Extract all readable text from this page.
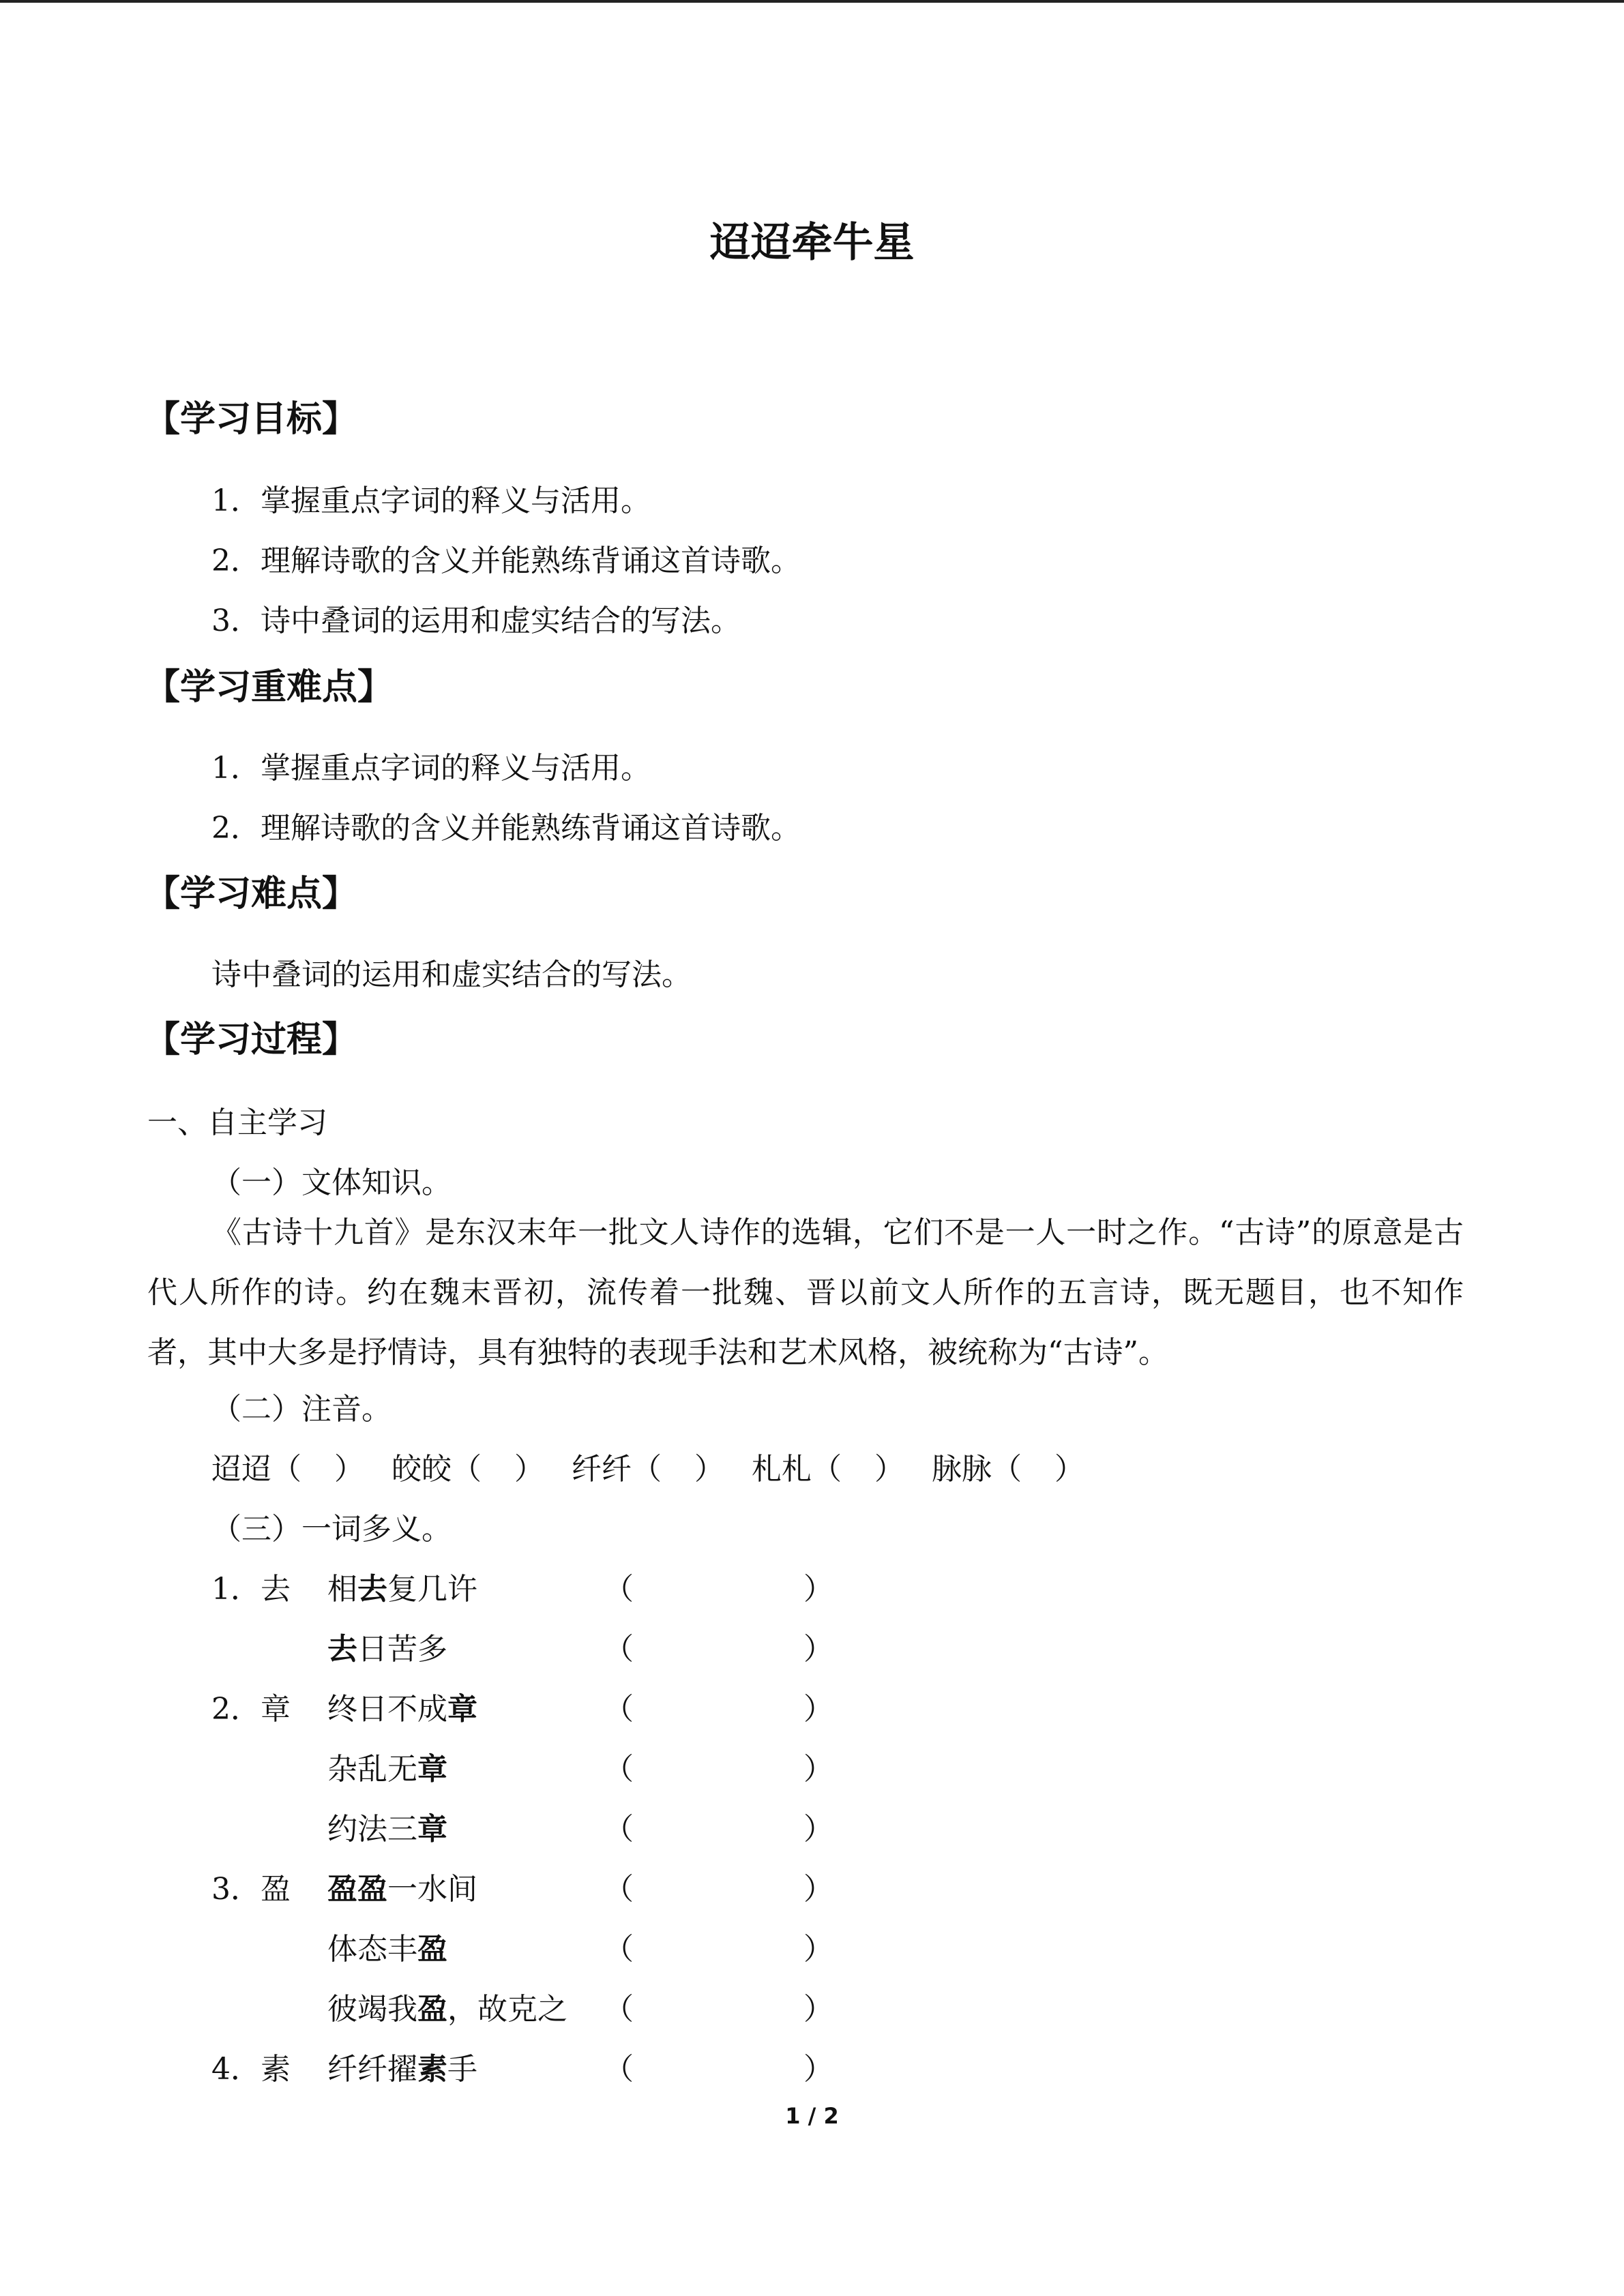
迢迢牵牛星
【学习目标】
1．掌握重点字词的释义与活用。
2．理解诗歌的含义并能熟练背诵这首诗歌。
3．诗中叠词的运用和虚实结合的写法。
【学习重难点】
1．掌握重点字词的释义与活用。
2．理解诗歌的含义并能熟练背诵这首诗歌。
【学习难点】
诗中叠词的运用和虚实结合的写法。
【学习过程】
一、自主学习
（一）文体知识。
《古诗十九首》是东汉末年一批文人诗作的选辑，它们不是一人一时之作。“古诗”的原意是古代人所作的诗。约在魏末晋初，流传着一批魏、晋以前文人所作的五言诗，既无题目，也不知作者，其中大多是抒情诗，具有独特的表现手法和艺术风格，被统称为“古诗”。
（二）注音。
迢迢（ ） 皎皎（ ） 纤纤（ ） 札札（ ） 脉脉（ ）
（三）一词多义。
1．去 相去复几许	（	）
去日苦多	（	）
2．章 终日不成章	（	）
杂乱无章	（	）
约法三章	（	）
3．盈 盈盈一水间	（	）
体态丰盈	（	）
彼竭我盈，故克之 （	）
4．素 纤纤擢素手	（	）
1 / 2
